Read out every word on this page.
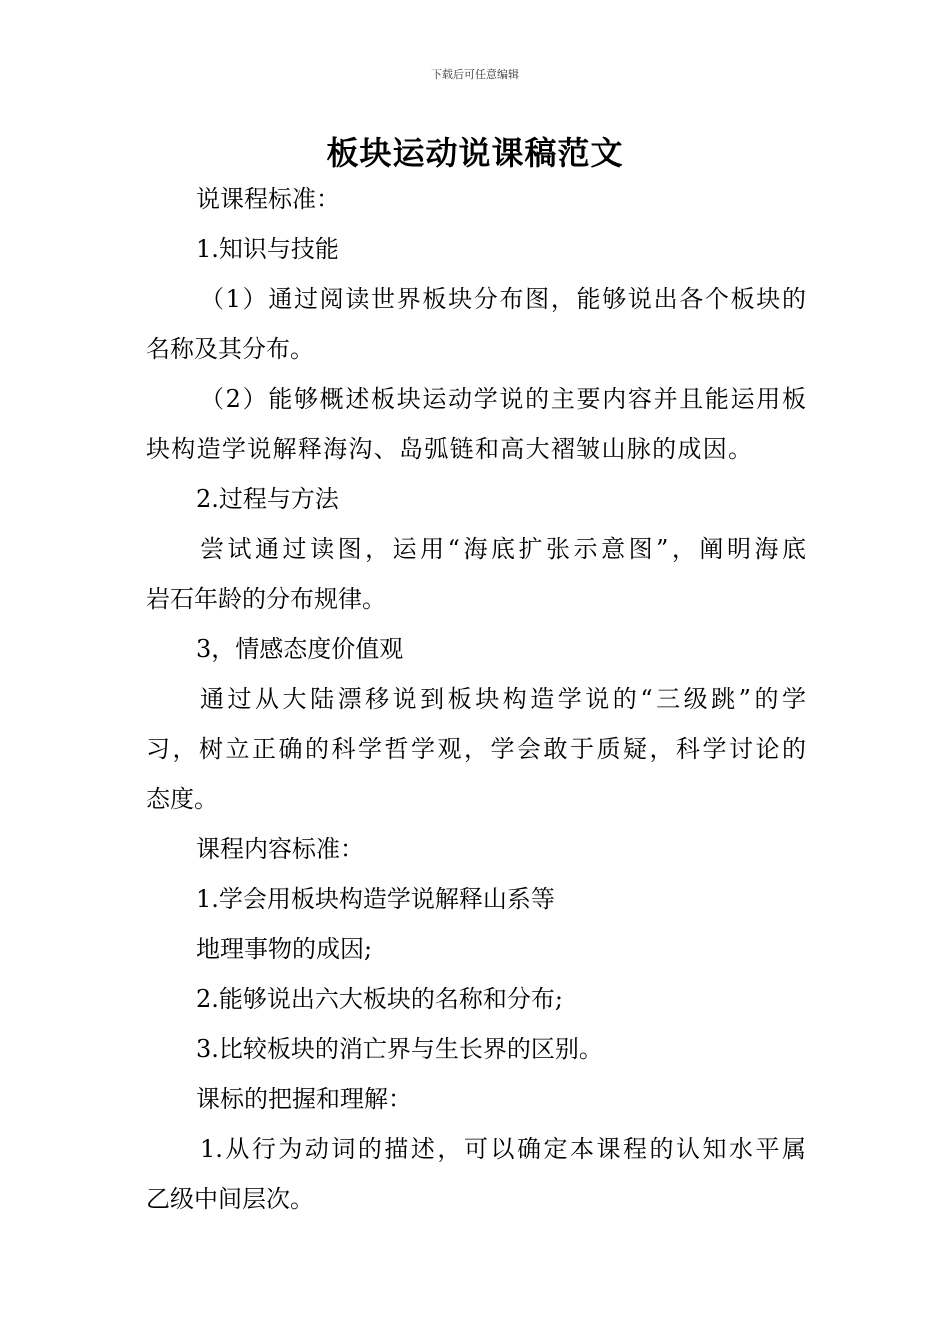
下载后可任意编辑
板块运动说课稿范文
说课程标准：
1.知识与技能
（1）通过阅读世界板块分布图，能够说出各个板块的
名称及其分布。
（2）能够概述板块运动学说的主要内容并且能运用板
块构造学说解释海沟、岛弧链和高大褶皱山脉的成因。
2.过程与方法
尝试通过读图，运用“海底扩张示意图”，阐明海底
岩石年龄的分布规律。
3，情感态度价值观
通过从大陆漂移说到板块构造学说的“三级跳”的学
习，树立正确的科学哲学观，学会敢于质疑，科学讨论的
态度。
课程内容标准：
1.学会用板块构造学说解释山系等
地理事物的成因;
2.能够说出六大板块的名称和分布;
3.比较板块的消亡界与生长界的区别。
课标的把握和理解：
1.从行为动词的描述，可以确定本课程的认知水平属
乙级中间层次。
